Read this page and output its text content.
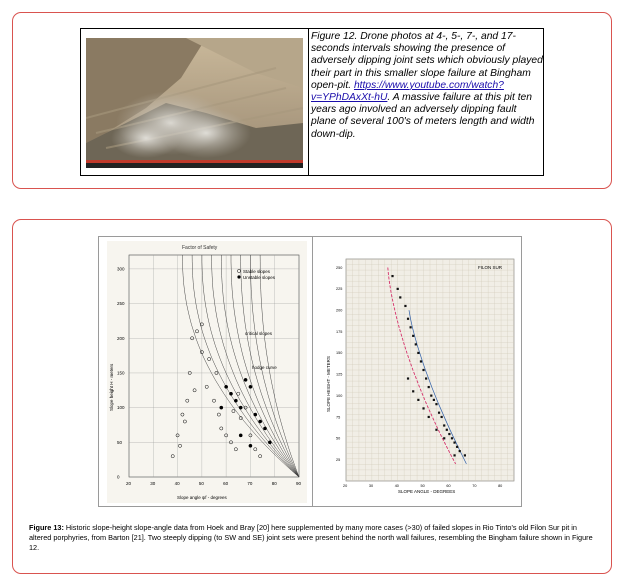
Figure 12. Drone photos at 4-, 5-, 7-, and 17-seconds intervals showing the presence of adversely dipping joint sets which obviously played their part in this smaller slope failure at Bingham open-pit. https://www.youtube.com/watch?v=YPhDAxXt-hU. A massive failure at this pit ten years ago involved an adversely dipping fault plane of several 100's of meters length and width down-dip.
Factor of Safety
20	30	40	50	60	70	80	90
0
50
100
150
200
250
300
Stable slopes
Unstable slopes
critical slopes
hodge curve
Slope angle ψf - degrees
Slope height H - meters
FILON SUR
20	30	40	50	60	70	80
25
50
75
100
125
150
175
200
225
250
SLOPE ANGLE - DEGREES
SLOPE HEIGHT - METERS
Figure 13: Historic slope-height slope-angle data from Hoek and Bray [20] here supplemented by many more cases (>30) of failed slopes in Rio Tinto's old Filon Sur pit in altered porphyries, from Barton [21]. Two steeply dipping (to SW and SE) joint sets were present behind the north wall failures, resembling the Bingham failure shown in Figure 12.
